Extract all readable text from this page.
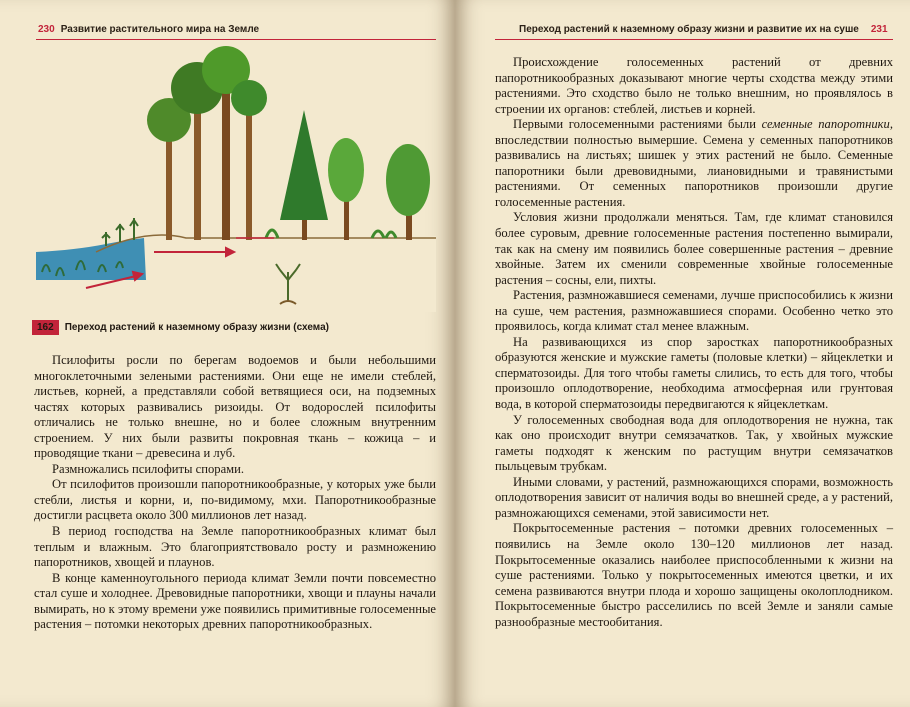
230 Развитие растительного мира на Земле
162 Переход растений к наземному образу жизни (схема)

Псилофиты росли по берегам водоемов и были небольшими многоклеточными зелеными растениями. Они еще не имели стеблей, листьев, корней, а представляли собой ветвящиеся оси, на подземных частях которых развивались ризоиды. От водорослей псилофиты отличались не только внешне, но и более сложным внутренним строением. У них были развиты покровная ткань – кожица – и проводящие ткани – древесина и луб.

Размножались псилофиты спорами.

От псилофитов произошли папоротникообразные, у которых уже были стебли, листья и корни, и, по-видимому, мхи. Папоротникообразные достигли расцвета около 300 миллионов лет назад.

В период господства на Земле папоротникообразных климат был теплым и влажным. Это благоприятствовало росту и размножению папоротников, хвощей и плаунов.

В конце каменноугольного периода климат Земли почти повсеместно стал суше и холоднее. Древовидные папоротники, хвощи и плауны начали вымирать, но к этому времени уже появились примитивные голосеменные растения – потомки некоторых древних папоротникообразных.

Переход растений к наземному образу жизни и развитие их на суше 231

Происхождение голосеменных растений от древних папоротникообразных доказывают многие черты сходства между этими растениями. Это сходство было не только внешним, но проявлялось в строении их органов: стеблей, листьев и корней.

Первыми голосеменными растениями были семенные папоротники, впоследствии полностью вымершие. Семена у семенных папоротников развивались на листьях; шишек у этих растений не было. Семенные папоротники были древовидными, лиановидными и травянистыми растениями. От семенных папоротников произошли другие голосеменные растения.

Условия жизни продолжали меняться. Там, где климат становился более суровым, древние голосеменные растения постепенно вымирали, так как на смену им появились более совершенные растения – древние хвойные. Затем их сменили современные хвойные голосеменные растения – сосны, ели, пихты.

Растения, размножавшиеся семенами, лучше приспособились к жизни на суше, чем растения, размножавшиеся спорами. Особенно четко это проявилось, когда климат стал менее влажным.

На развивающихся из спор заростках папоротникообразных образуются женские и мужские гаметы (половые клетки) – яйцеклетки и сперматозоиды. Для того чтобы гаметы слились, то есть для того, чтобы произошло оплодотворение, необходима атмосферная или грунтовая вода, в которой сперматозоиды передвигаются к яйцеклеткам.

У голосеменных свободная вода для оплодотворения не нужна, так как оно происходит внутри семязачатков. Так, у хвойных мужские гаметы подходят к женским по растущим внутри семязачатков пыльцевым трубкам.

Иными словами, у растений, размножающихся спорами, возможность оплодотворения зависит от наличия воды во внешней среде, а у растений, размножающихся семенами, этой зависимости нет.

Покрытосеменные растения – потомки древних голосеменных – появились на Земле около 130–120 миллионов лет назад. Покрытосеменные оказались наиболее приспособленными к жизни на суше растениями. Только у покрытосеменных имеются цветки, и их семена развиваются внутри плода и хорошо защищены околоплодником. Покрытосеменные быстро расселились по всей Земле и заняли самые разнообразные местообитания.
